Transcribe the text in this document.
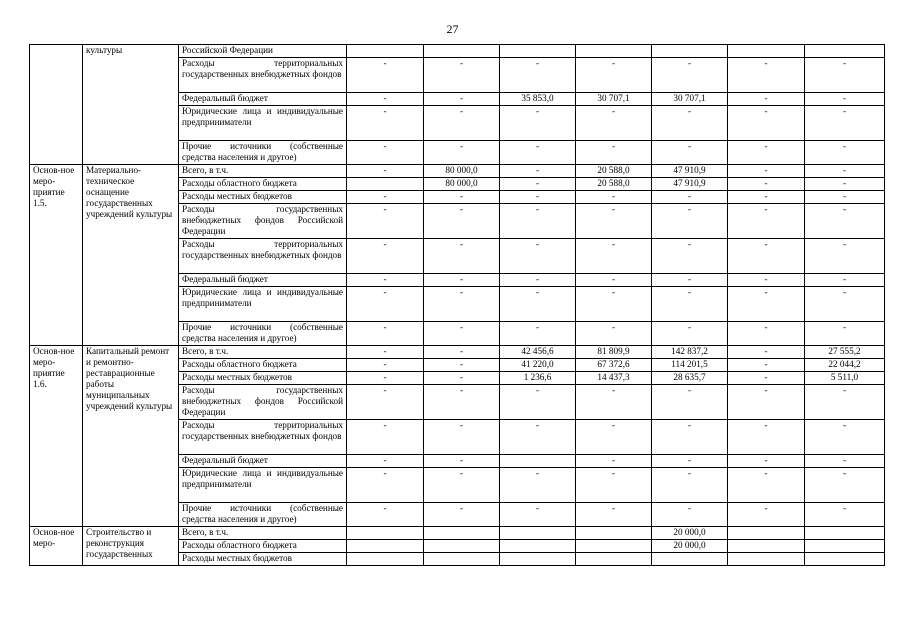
27
	культуры	Российской Федерации							
		Расходы территориальных государственных внебюджетных фондов	-	-	-	-	-	-	-
		Федеральный бюджет	-	-	35 853,0	30 707,1	30 707,1	-	-
		Юридические лица и индивидуальные предприниматели	-	-	-	-	-	-	-
		Прочие источники (собственные средства населения и другое)	-	-	-	-	-	-	-
Основ-ное меро-приятие 1.5.	Материально-техническое оснащение государственных учреждений культуры	Всего, в т.ч.	-	80 000,0	-	20 588,0	47 910,9	-	-
		Расходы областного бюджета		80 000,0	-	20 588,0	47 910,9	-	-
		Расходы местных бюджетов	-	-	-	-	-	-	-
		Расходы государственных внебюджетных фондов Российской Федерации	-	-	-	-	-	-	-
		Расходы территориальных государственных внебюджетных фондов	-	-	-	-	-	-	-
		Федеральный бюджет	-	-	-	-	-	-	-
		Юридические лица и индивидуальные предприниматели	-	-	-	-	-	-	-
		Прочие источники (собственные средства населения и другое)	-	-	-	-	-	-	-
Основ-ное меро-приятие 1.6.	Капитальный ремонт и ремонтно-реставрационные работы муниципальных учреждений культуры	Всего, в т.ч.	-	-	42 456,6	81 809,9	142 837,2	-	27 555,2
		Расходы областного бюджета	-	-	41 220,0	67 372,6	114 201,5	-	22 044,2
		Расходы местных бюджетов	-	-	1 236,6	14 437,3	28 635,7	-	5 511,0
		Расходы государственных внебюджетных фондов Российской Федерации	-	-	-	-	-	-	-
		Расходы территориальных государственных внебюджетных фондов	-	-	-	-	-	-	-
		Федеральный бюджет	-	-		-	-	-	-
		Юридические лица и индивидуальные предприниматели	-	-	-	-	-	-	-
		Прочие источники (собственные средства населения и другое)	-	-	-	-	-	-	-
Основ-ное меро-	Строительство и реконструкция государственных	Всего, в т.ч.					20 000,0		
		Расходы областного бюджета					20 000,0		
		Расходы местных бюджетов							
